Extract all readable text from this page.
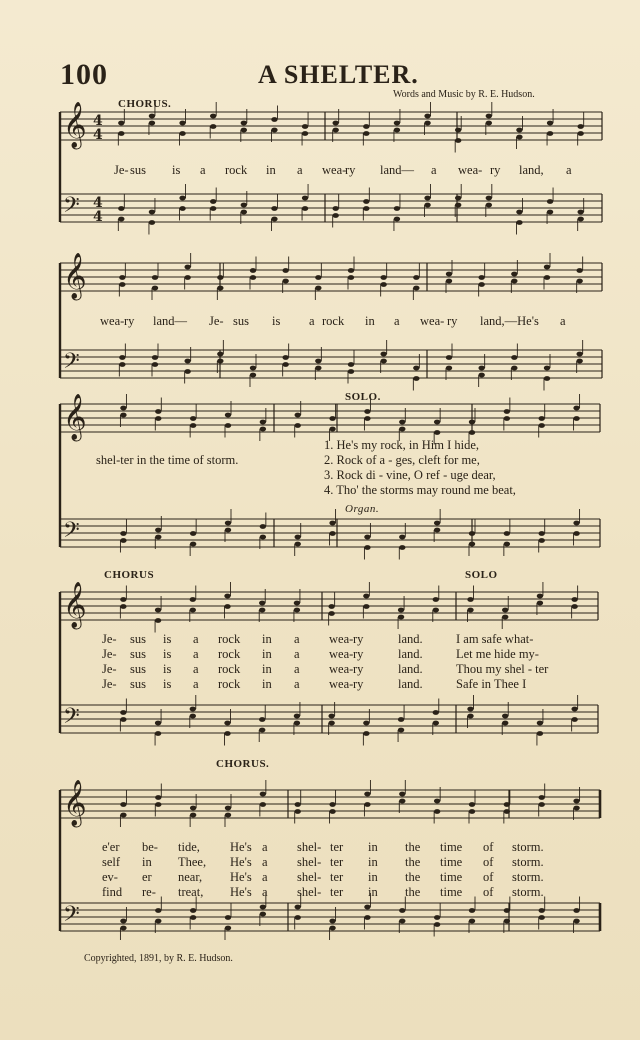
100	A SHELTER.
Words and Music by R. E. Hudson.
𝄞
𝄢
𝄞
𝄢
𝄞
𝄢
𝄞
𝄢
𝄞
𝄢
4
4
4
4
CHORUS.
SOLO.
Organ.
CHORUS	SOLO
CHORUS.
Je- sus is a rock in a wea-
ry land— a wea- ry land, a
wea- ry land— Je- sus is a rock in a wea- ry land,—He's a
Je- sus is a rock in a wea- ry	land.	I am safe what-
Je- sus is a rock in a wea- ry	land.	Let me hide my-
Je- sus is a rock in a wea- ry	land.	Thou my shel - ter
Je- sus is a rock in a wea- ry	land.	Safe in Thee I
e'er be- tide, He's a shel- ter in the time of storm.
self in Thee, He's a shel- ter in the time of storm.
ev- er near, He's a shel- ter in the time of storm.
find re- treat, He's a shel- ter in the time of storm.
shel-ter in the time of storm.
1. He's my rock, in Him I hide,
2. Rock of a - ges, cleft for me,
3. Rock di - vine, O ref - uge dear,
4. Tho' the storms may round me beat,
Copyrighted, 1891, by R. E. Hudson.
